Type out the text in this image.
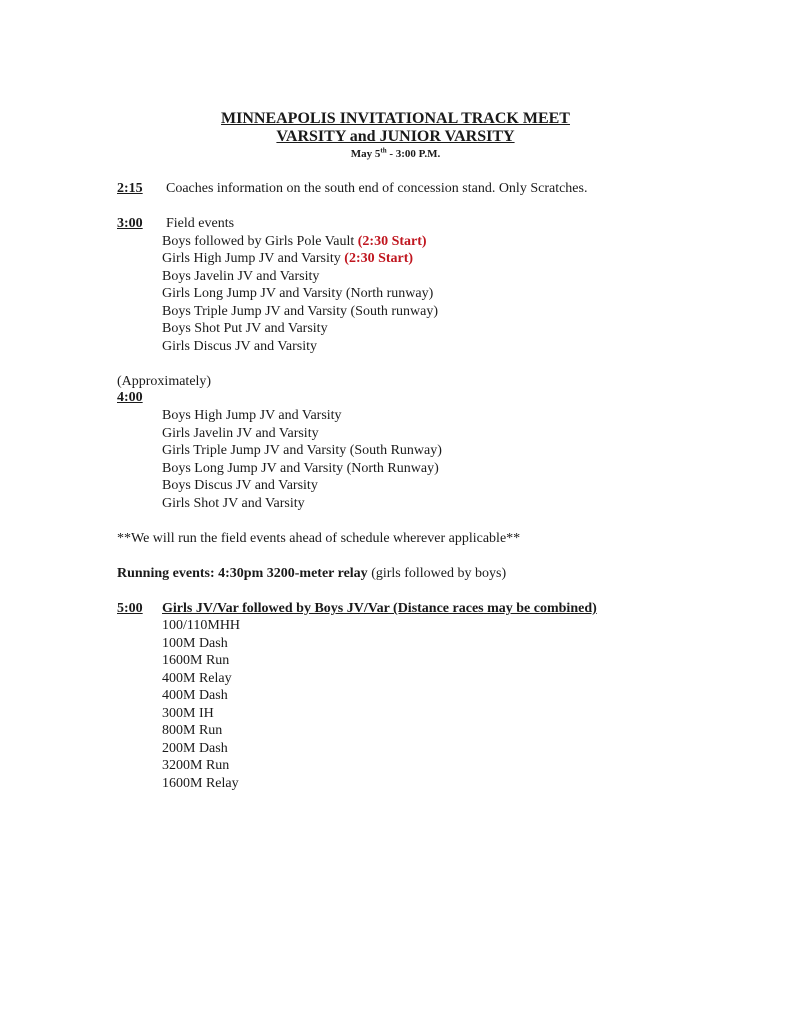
MINNEAPOLIS INVITATIONAL TRACK MEET
VARSITY and JUNIOR VARSITY
May 5th - 3:00 P.M.
2:15 Coaches information on the south end of concession stand. Only Scratches.
3:00 Field events
Boys followed by Girls Pole Vault (2:30 Start)
Girls High Jump JV and Varsity (2:30 Start)
Boys Javelin JV and Varsity
Girls Long Jump JV and Varsity (North runway)
Boys Triple Jump JV and Varsity (South runway)
Boys Shot Put JV and Varsity
Girls Discus JV and Varsity
(Approximately)
4:00
Boys High Jump JV and Varsity
Girls Javelin JV and Varsity
Girls Triple Jump JV and Varsity (South Runway)
Boys Long Jump JV and Varsity (North Runway)
Boys Discus JV and Varsity
Girls Shot JV and Varsity
**We will run the field events ahead of schedule wherever applicable**
Running events: 4:30pm 3200-meter relay (girls followed by boys)
5:00 Girls JV/Var followed by Boys JV/Var (Distance races may be combined)
100/110MHH
100M Dash
1600M Run
400M Relay
400M Dash
300M IH
800M Run
200M Dash
3200M Run
1600M Relay
